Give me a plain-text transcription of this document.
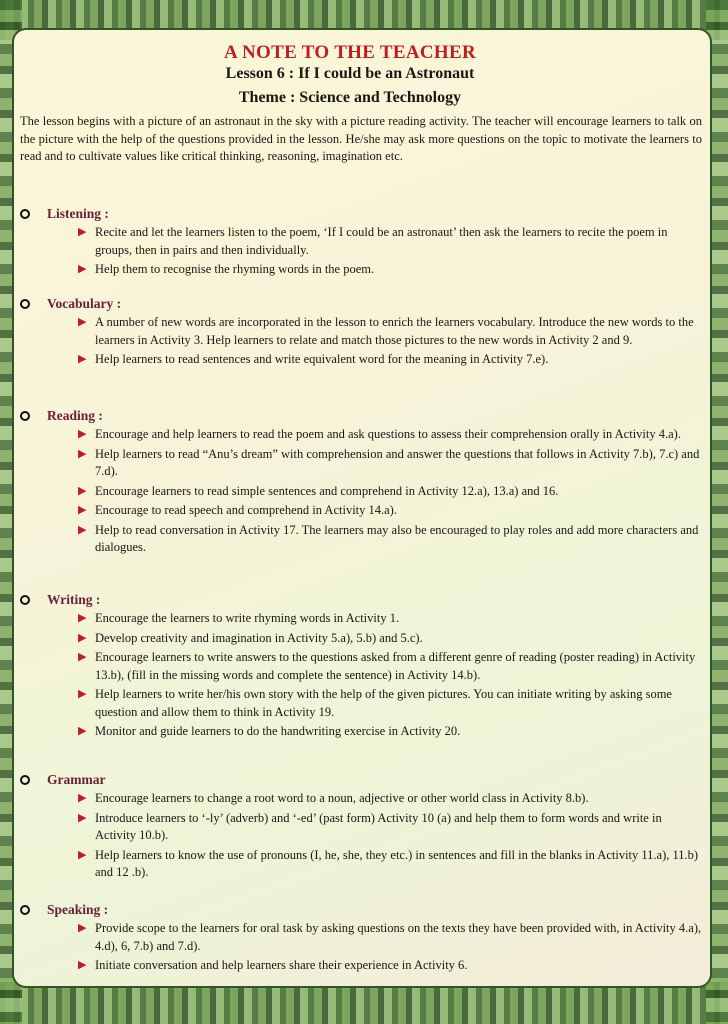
A NOTE TO THE TEACHER
Lesson 6 : If I could be an Astronaut
Theme : Science and Technology
The lesson begins with a picture of an astronaut in the sky with a picture reading activity. The teacher will encourage learners to talk on the picture with the help of the questions provided in the lesson. He/she may ask more questions on the topic to motivate the learners to read and to cultivate values like critical thinking, reasoning, imagination etc.
Listening :
▶ Recite and let the learners listen to the poem, ‘If I could be an astronaut’ then ask the learners to recite the poem in groups, then in pairs and then individually.
▶ Help them to recognise the rhyming words in the poem.
Vocabulary :
▶ A number of new words are incorporated in the lesson to enrich the learners vocabulary. Introduce the new words to the learners in Activity 3. Help learners to relate and match those pictures to the new words in Activity 2 and 9.
▶ Help learners to read sentences and write equivalent word for the meaning in Activity 7.e).
Reading :
▶ Encourage and help learners to read the poem and ask questions to assess their comprehension orally in Activity 4.a).
▶ Help learners to read “Anu’s dream” with comprehension and answer the questions that follows in Activity 7.b), 7.c) and 7.d).
▶ Encourage learners to read simple sentences and comprehend in Activity 12.a), 13.a) and 16.
▶ Encourage to read speech and comprehend in Activity 14.a).
▶ Help to read conversation in Activity 17. The learners may also be encouraged to play roles and add more characters and dialogues.
Writing :
▶ Encourage the learners to write rhyming words in Activity 1.
▶ Develop creativity and imagination in Activity 5.a), 5.b) and 5.c).
▶ Encourage learners to write answers to the questions asked from a different genre of reading (poster reading) in Activity 13.b), (fill in the missing words and complete the sentence) in Activity 14.b).
▶ Help learners to write her/his own story with the help of the given pictures. You can initiate writing by asking some question and allow them to think in Activity 19.
▶ Monitor and guide learners to do the handwriting exercise in Activity 20.
Grammar
▶ Encourage learners to change a root word to a noun, adjective or other world class in Activity 8.b).
▶ Introduce learners to ‘-ly’ (adverb) and ‘-ed’ (past form) Activity 10 (a) and help them to form words and write in Activity 10.b).
▶ Help learners to know the use of pronouns (I, he, she, they etc.) in sentences and fill in the blanks in Activity 11.a), 11.b) and 12 .b).
Speaking :
▶ Provide scope to the learners for oral task by asking questions on the texts they have been provided with, in Activity 4.a), 4.d), 6, 7.b) and 7.d).
▶ Initiate conversation and help learners share their experience in Activity 6.
